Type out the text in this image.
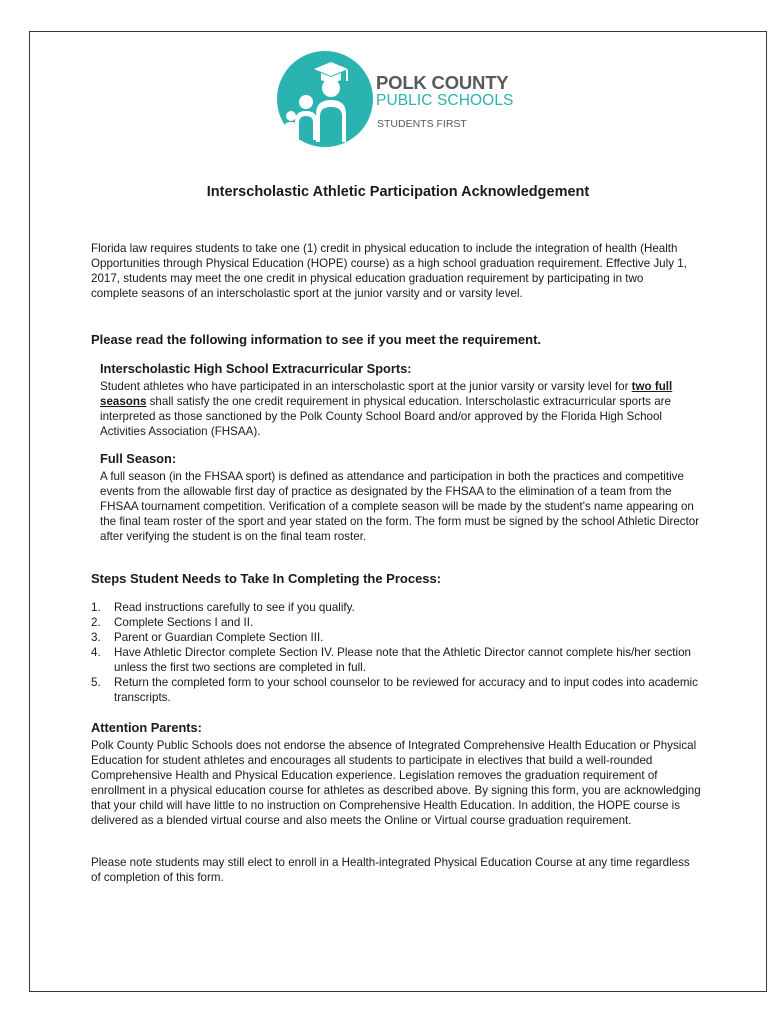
POLK COUNTY
PUBLIC SCHOOLS
STUDENTS FIRST
Interscholastic Athletic Participation Acknowledgement

Florida law requires students to take one (1) credit in physical education to include the integration of health (Health Opportunities through Physical Education (HOPE) course) as a high school graduation requirement. Effective July 1, 2017, students may meet the one credit in physical education graduation requirement by participating in two complete seasons of an interscholastic sport at the junior varsity and or varsity level.

Please read the following information to see if you meet the requirement.
Interscholastic High School Extracurricular Sports:

Student athletes who have participated in an interscholastic sport at the junior varsity or varsity level for two full seasons shall satisfy the one credit requirement in physical education. Interscholastic extracurricular sports are interpreted as those sanctioned by the Polk County School Board and/or approved by the Florida High School Activities Association (FHSAA).

Full Season:

A full season (in the FHSAA sport) is defined as attendance and participation in both the practices and competitive events from the allowable first day of practice as designated by the FHSAA to the elimination of a team from the FHSAA tournament competition. Verification of a complete season will be made by the student's name appearing on the final team roster of the sport and year stated on the form. The form must be signed by the school Athletic Director after verifying the student is on the final team roster.

Steps Student Needs to Take In Completing the Process:
1. Read instructions carefully to see if you qualify.
2. Complete Sections I and II.
3. Parent or Guardian Complete Section III.
4. Have Athletic Director complete Section IV. Please note that the Athletic Director cannot complete his/her section unless the first two sections are completed in full.
5. Return the completed form to your school counselor to be reviewed for accuracy and to input codes into academic transcripts.
Attention Parents:

Polk County Public Schools does not endorse the absence of Integrated Comprehensive Health Education or Physical Education for student athletes and encourages all students to participate in electives that build a well-rounded Comprehensive Health and Physical Education experience. Legislation removes the graduation requirement of enrollment in a physical education course for athletes as described above. By signing this form, you are acknowledging that your child will have little to no instruction on Comprehensive Health Education. In addition, the HOPE course is delivered as a blended virtual course and also meets the Online or Virtual course graduation requirement.

Please note students may still elect to enroll in a Health-integrated Physical Education Course at any time regardless of completion of this form.
